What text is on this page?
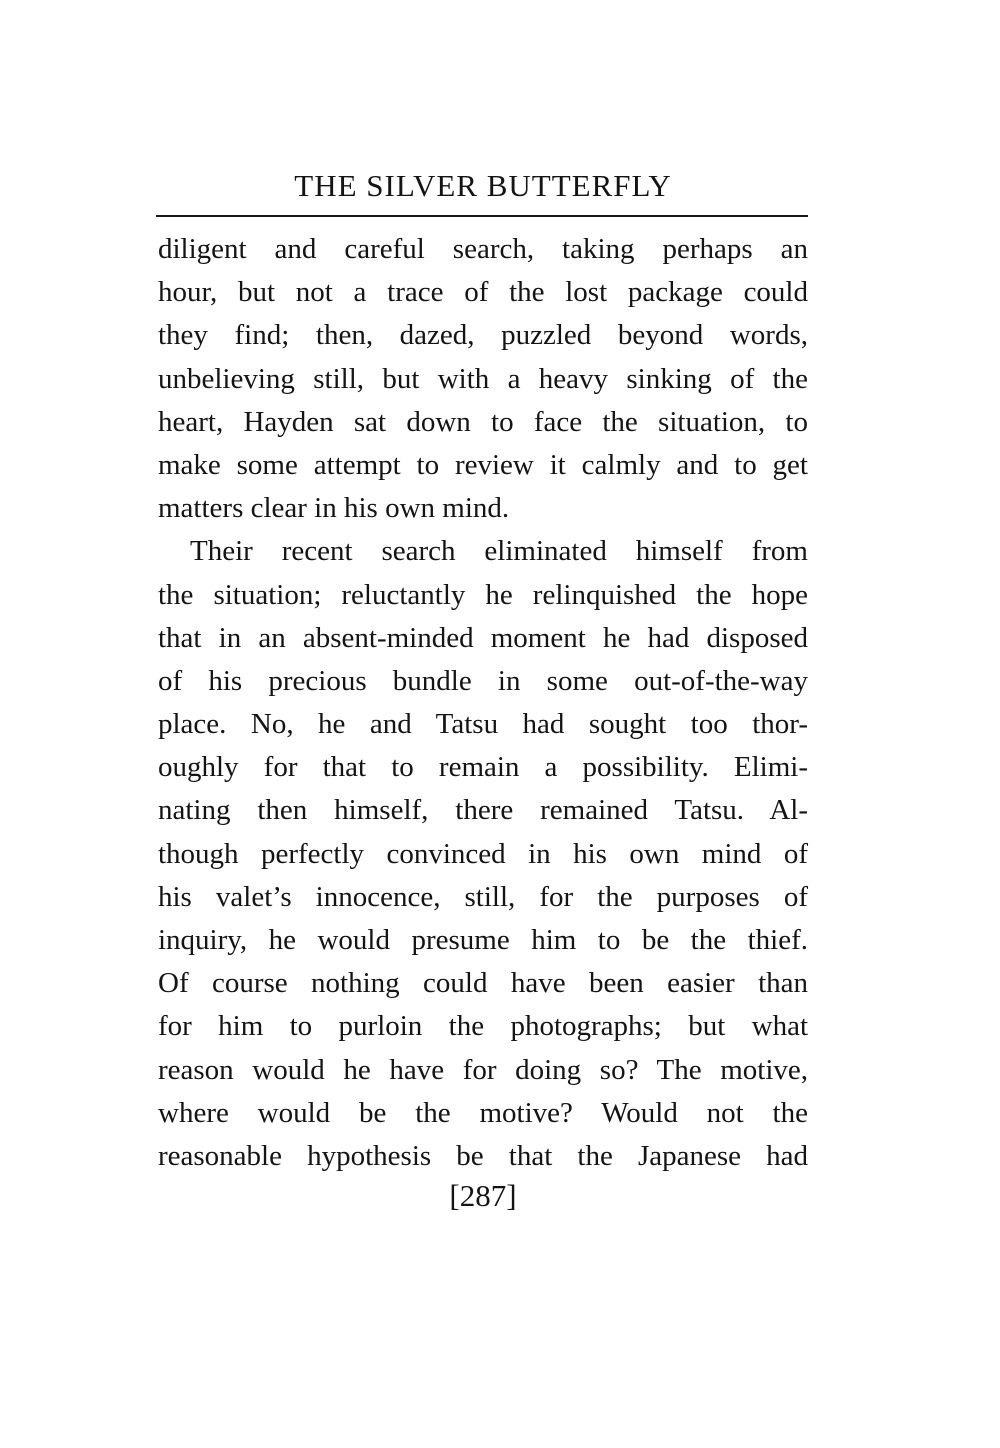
THE SILVER BUTTERFLY
diligent and careful search, taking perhaps an
hour, but not a trace of the lost package could
they find; then, dazed, puzzled beyond words,
unbelieving still, but with a heavy sinking of the
heart, Hayden sat down to face the situation, to
make some attempt to review it calmly and to get
matters clear in his own mind.
Their recent search eliminated himself from
the situation; reluctantly he relinquished the hope
that in an absent-minded moment he had disposed
of his precious bundle in some out-of-the-way
place. No, he and Tatsu had sought too thor-
oughly for that to remain a possibility. Elimi-
nating then himself, there remained Tatsu. Al-
though perfectly convinced in his own mind of
his valet’s innocence, still, for the purposes of
inquiry, he would presume him to be the thief.
Of course nothing could have been easier than
for him to purloin the photographs; but what
reason would he have for doing so? The motive,
where would be the motive? Would not the
reasonable hypothesis be that the Japanese had
[287]
